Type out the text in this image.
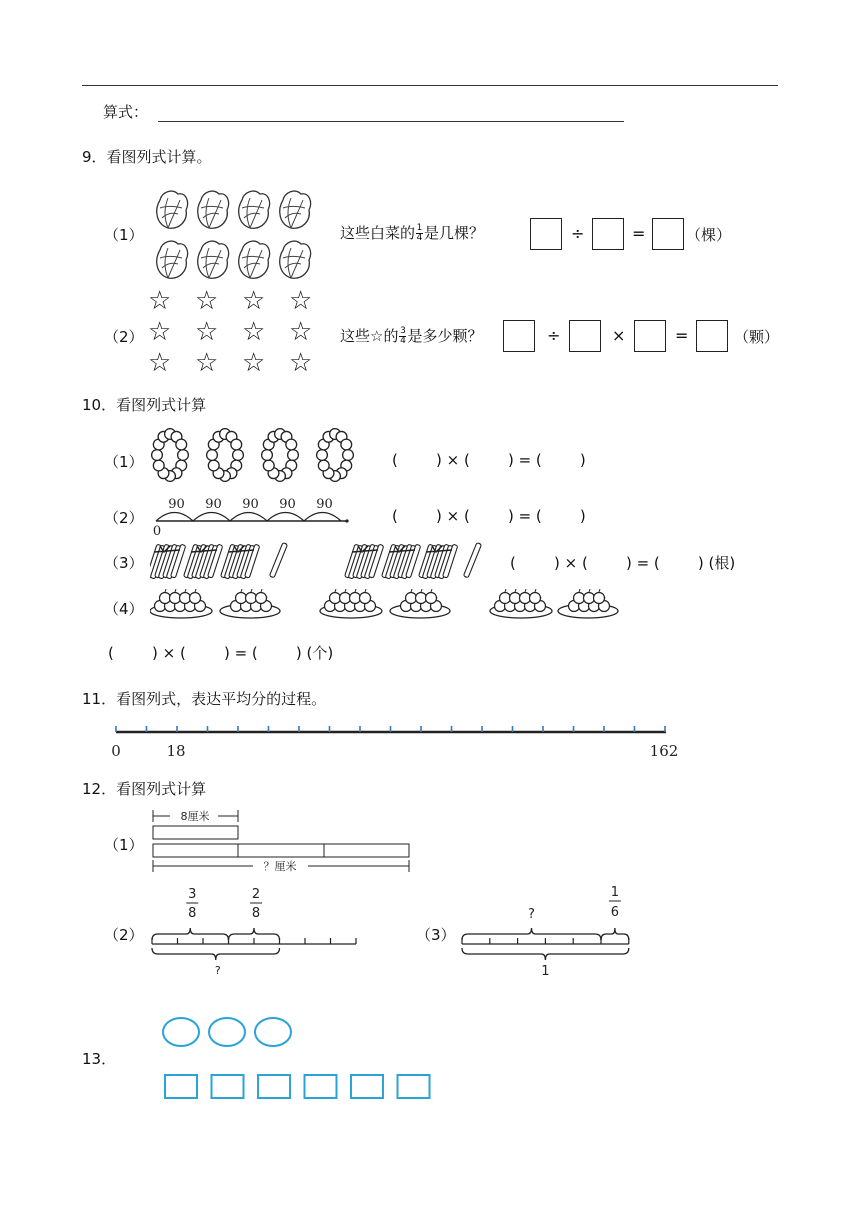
算式：
9．看图列式计算。
（1）	这些白菜的 $\frac{1}{4}$ 是几棵？	÷	=	（棵）
（2）
☆ ☆ ☆ ☆
☆ ☆ ☆ ☆
☆ ☆ ☆ ☆
这些☆的 $\frac{3}{4}$ 是多少颗？	÷	×	=	（颗）
10．看图列式计算
（1）	(        ) × (        ) = (        )
（2）
90 90 90 90 90
0
(        ) × (        ) = (        )
（3）	(        ) × (        ) = (        ) (根)
（4）
(        ) × (        ) = (        ) (个)
11．看图列式，表达平均分的过程。
0	18	162
12．看图列式计算
（1）
8厘米
？厘米
（2）
3
8
2
8
?
（3）
?
1
6
1
13．
